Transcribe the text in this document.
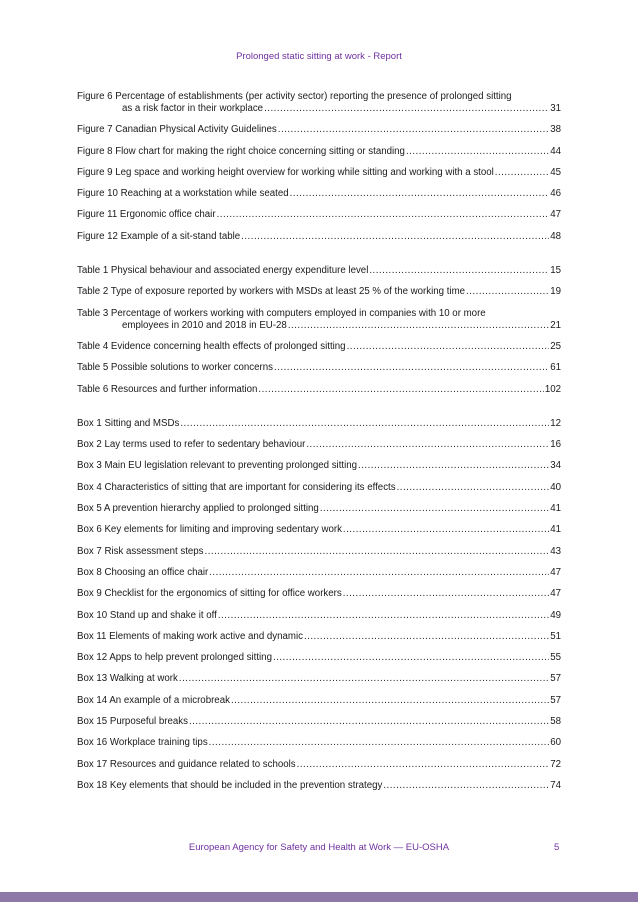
Prolonged static sitting at work - Report
Figure 6 Percentage of establishments (per activity sector) reporting the presence of prolonged sitting
as a risk factor in their workplace .....	31
Figure 7 Canadian Physical Activity Guidelines .....	38
Figure 8 Flow chart for making the right choice concerning sitting or standing .....	44
Figure 9 Leg space and working height overview for working while sitting and working with a stool .....	45
Figure 10 Reaching at a workstation while seated .....	46
Figure 11 Ergonomic office chair .....	47
Figure 12 Example of a sit-stand table .....	48
Table 1 Physical behaviour and associated energy expenditure level .....	15
Table 2 Type of exposure reported by workers with MSDs at least 25 % of the working time .....	19
Table 3 Percentage of workers working with computers employed in companies with 10 or more
employees in 2010 and 2018 in EU-28 .....	21
Table 4 Evidence concerning health effects of prolonged sitting .....	25
Table 5 Possible solutions to worker concerns .....	61
Table 6 Resources and further information .....	102
Box 1 Sitting and MSDs .....	12
Box 2 Lay terms used to refer to sedentary behaviour .....	16
Box 3 Main EU legislation relevant to preventing prolonged sitting .....	34
Box 4 Characteristics of sitting that are important for considering its effects .....	40
Box 5 A prevention hierarchy applied to prolonged sitting .....	41
Box 6 Key elements for limiting and improving sedentary work .....	41
Box 7 Risk assessment steps .....	43
Box 8 Choosing an office chair .....	47
Box 9 Checklist for the ergonomics of sitting for office workers .....	47
Box 10 Stand up and shake it off .....	49
Box 11 Elements of making work active and dynamic .....	51
Box 12 Apps to help prevent prolonged sitting .....	55
Box 13 Walking at work .....	57
Box 14 An example of a microbreak .....	57
Box 15 Purposeful breaks .....	58
Box 16 Workplace training tips .....	60
Box 17 Resources and guidance related to schools .....	72
Box 18 Key elements that should be included in the prevention strategy .....	74
European Agency for Safety and Health at Work — EU-OSHA	5
